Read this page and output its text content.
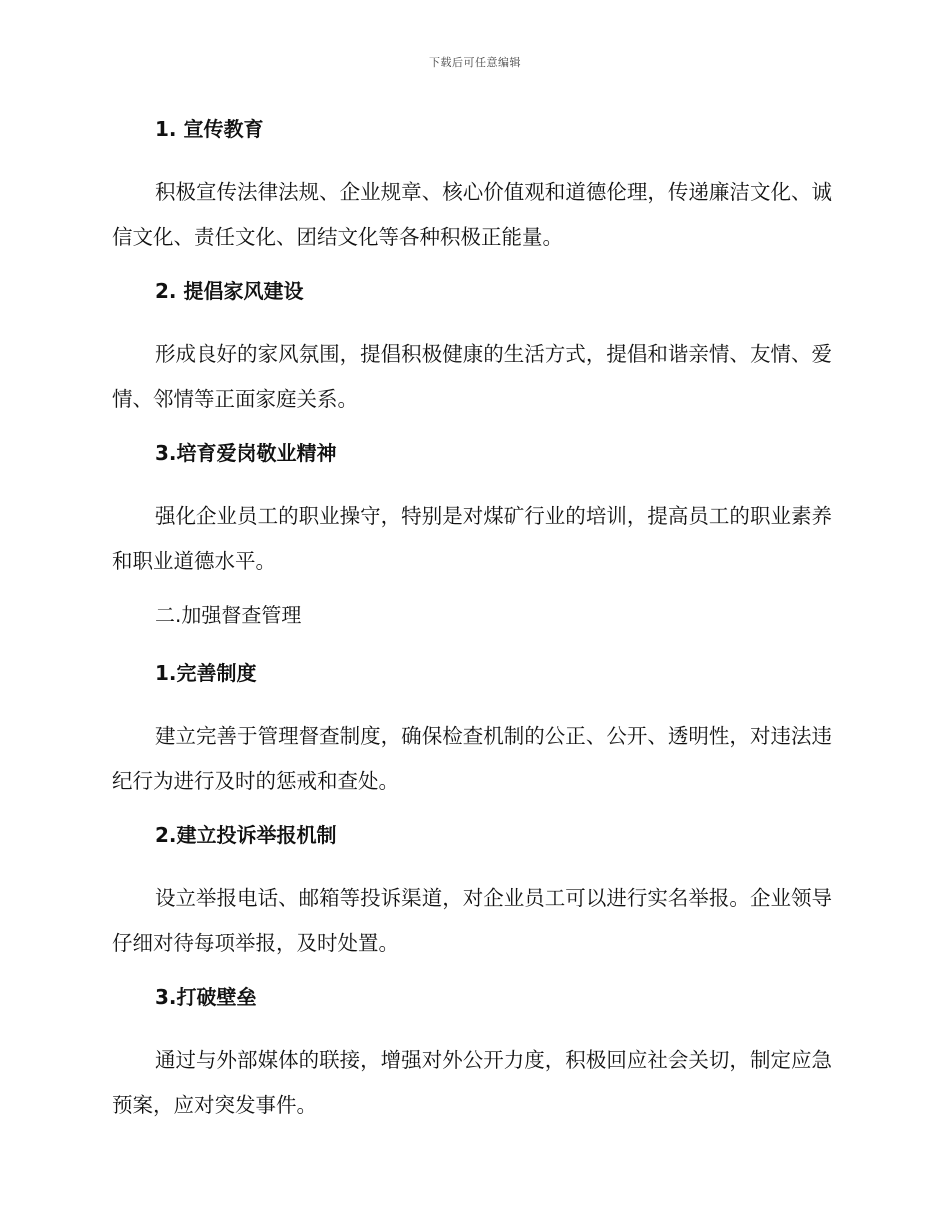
下载后可任意编辑
1. 宣传教育

积极宣传法律法规、企业规章、核心价值观和道德伦理，传递廉洁文化、诚信文化、责任文化、团结文化等各种积极正能量。

2. 提倡家风建设

形成良好的家风氛围，提倡积极健康的生活方式，提倡和谐亲情、友情、爱情、邻情等正面家庭关系。

3.培育爱岗敬业精神

强化企业员工的职业操守，特别是对煤矿行业的培训，提高员工的职业素养和职业道德水平。

二.加强督查管理
1.完善制度

建立完善于管理督查制度，确保检查机制的公正、公开、透明性，对违法违纪行为进行及时的惩戒和查处。

2.建立投诉举报机制

设立举报电话、邮箱等投诉渠道，对企业员工可以进行实名举报。企业领导仔细对待每项举报，及时处置。

3.打破壁垒

通过与外部媒体的联接，增强对外公开力度，积极回应社会关切，制定应急预案，应对突发事件。
